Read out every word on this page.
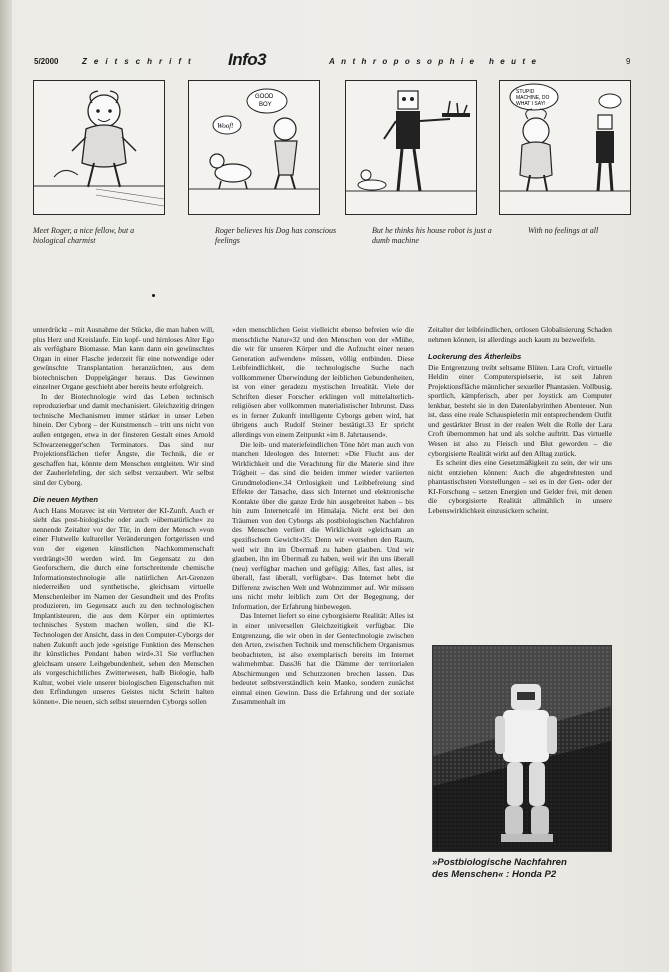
5/2000	Zeitschrift Info3	Anthroposophie heute	9
Meet Roger, a nice fellow, but a biological charmist
GOOD
BOY
Woof!
Roger believes his Dog has conscious feelings
But he thinks his house robot is just a dumb machine
STUPID
MACHINE, DO
WHAT I SAY!
With no feelings at all

unterdrückt – mit Ausnahme der Stücke, die man haben will, plus Herz und Kreislaufe. Ein kopf- und hirnloses Alter Ego als verfügbare Biomasse. Man kann dann ein gewünschtes Organ in einer Flasche jederzeit für eine notwendige oder gewünschte Transplantation heranzüchten, aus dem biotechnischen Doppelgänger heraus. Das Gewinnen einzelner Organe geschieht aber bereits heute erfolgreich.

In der Biotechnologie wird das Leben technisch reproduzierbar und damit mechanisiert. Gleichzeitig dringen technische Mechanismen immer stärker in unser Leben hinein. Der Cyborg – der Kunstmensch – tritt uns nicht von außen entgegen, etwa in der finsteren Gestalt eines Arnold Schwarzenegger'schen Terminators. Das sind nur Projektionsflächen tiefer Ängste, die Technik, die er geschaffen hat, könnte dem Menschen entgleiten. Wir sind der Zauberlehrling, der sich selbst verzaubert. Wir selbst sind der Cyborg.

Die neuen Mythen

Auch Hans Moravec ist ein Vertreter der KI-Zunft. Auch er sieht das post-biologische oder auch »übernatürliche« zu nennende Zeitalter vor der Tür, in dem der Mensch »von einer Flutwelle kultureller Veränderungen fortgerissen und von der eigenen künstlichen Nachkommenschaft verdrängt«30 werden wird. Im Gegensatz zu den Geoforschern, die durch eine fortschreitende chemische Informationstechnologie alle natürlichen Art-Grenzen niederreißen und synthetische, gleichsam virtuelle Menschenleiber im Namen der Gesundheit und des Profits produzieren, im Gegensatz auch zu den technologischen Implantisteuren, die aus dem Körper ein optimiertes technisches System machen wollen, sind die KI-Technologen der Ansicht, dass in den Computer-Cyborgs der nahen Zukunft auch jede »geistige Funktion des Menschen ihr künstliches Pendant haben wird«.31 Sie verfluchen gleichsam unsere Leibgebundenheit, sehen den Menschen als vorgeschichtliches Zwitterwesen, halb Biologie, halb Kultur, wobei viele unserer biologischen Eigenschaften mit den Erfindungen unseres Geistes nicht Schritt halten können«. Die neuen, sich selbst steuernden Cyborgs sollen

»den menschlichen Geist vielleicht ebenso befreien wie die menschliche Natur«32 und den Menschen von der »Mühe, die wir für unseren Körper und die Aufzucht einer neuen Generation aufwenden« müssen, völlig entbinden. Diese Leibfeindlichkeit, die technologische Suche nach vollkommener Überwindung der leiblichen Gebundenheiten, ist von einer geradezu mystischen Irrealität. Viele der Schriften dieser Forscher erklingen voll mittelalterlich-religiösen aber vollkommen materialistischer Inbrunst. Dass es in ferner Zukunft intelligente Cyborgs geben wird, hat übrigens auch Rudolf Steiner bestätigt.33 Er spricht allerdings von einem Zeitpunkt »im 8. Jahrtausend«.

Die leib- und materiefeindlichen Töne hört man auch von manchen Ideologen des Internet: »Die Flucht aus der Wirklichkeit und die Verachtung für die Materie sind ihre Trägheit – das sind die beiden immer wieder variierten Grundmelodien«.34 Ortlosigkeit und Leibbefreiung sind Effekte der Tatsache, dass sich Internet und elektronische Kontakte über die ganze Erde hin ausgebreitet haben – bis hin zum Internetcafé im Himalaja. Nicht erst bei den Träumen von den Cyborgs als postbiologischen Nachfahren des Menschen verliert die Wirklichkeit »gleichsam an spezifischem Gewicht«35: Denn wir »versehen den Raum, weil wir ihn im Übermaß zu haben glauben. Und wir glauben, ihn im Übermaß zu haben, weil wir ihn uns überall (neu) verfügbar machen und gefügig: Alles, fast alles, ist überall, fast überall, verfügbar«. Das Internet hebt die Differenz zwischen Welt und Wohnzimmer auf. Wir müssen uns nicht mehr leiblich zum Ort der Begegnung, der Information, der Erfahrung hinbewegen.

Das Internet liefert so eine cyborgisierte Realität: Alles ist in einer universellen Gleichzeitigkeit verfügbar. Die Entgrenzung, die wir oben in der Gentechnologie zwischen den Arten, zwischen Technik und menschlichem Organismus beobachteten, ist also exemplarisch bereits im Internet wahrnehmbar. Dass36 hat die Dämme der territorialen Abschirmungen und Schutzzonen brechen lassen. Das bedeutet selbstverständlich kein Manko, sondern zunächst einmal einen Gewinn. Dass die Erfahrung und der soziale Zusammenhalt im

Zeitalter der leibfeindlichen, ortlosen Globalisierung Schaden nehmen können, ist allerdings auch kaum zu bezweifeln.

Lockerung des Ätherleibs

Die Entgrenzung treibt seltsame Blüten. Lara Croft, virtuelle Heldin einer Computerspielserie, ist seit Jahren Projektionsfläche männlicher sexueller Phantasien. Vollbusig, sportlich, kämpferisch, aber per Joystick am Computer lenkbar, besteht sie in den Datenlabyrinthen Abenteuer. Nun ist, dass eine reale Schauspielerin mit entsprechendem Outfit und gestärkter Brust in der realen Welt die Rolle der Lara Croft übernommen hat und als solche auftritt. Das virtuelle Wesen ist also zu Fleisch und Blut geworden – die cyborgisierte Realität wirkt auf den Alltag zurück.

Es scheint dies eine Gesetzmäßigkeit zu sein, der wir uns nicht entziehen können: Auch die abgedrehtesten und phantastischsten Vorstellungen – sei es in der Gen- oder der KI-Forschung – setzen Energien und Gelder frei, mit denen die cyborgisierte Realität allmählich in unsere Lebenswirklichkeit einzusickern scheint.

»Postbiologische Nachfahren
des Menschen« : Honda P2
